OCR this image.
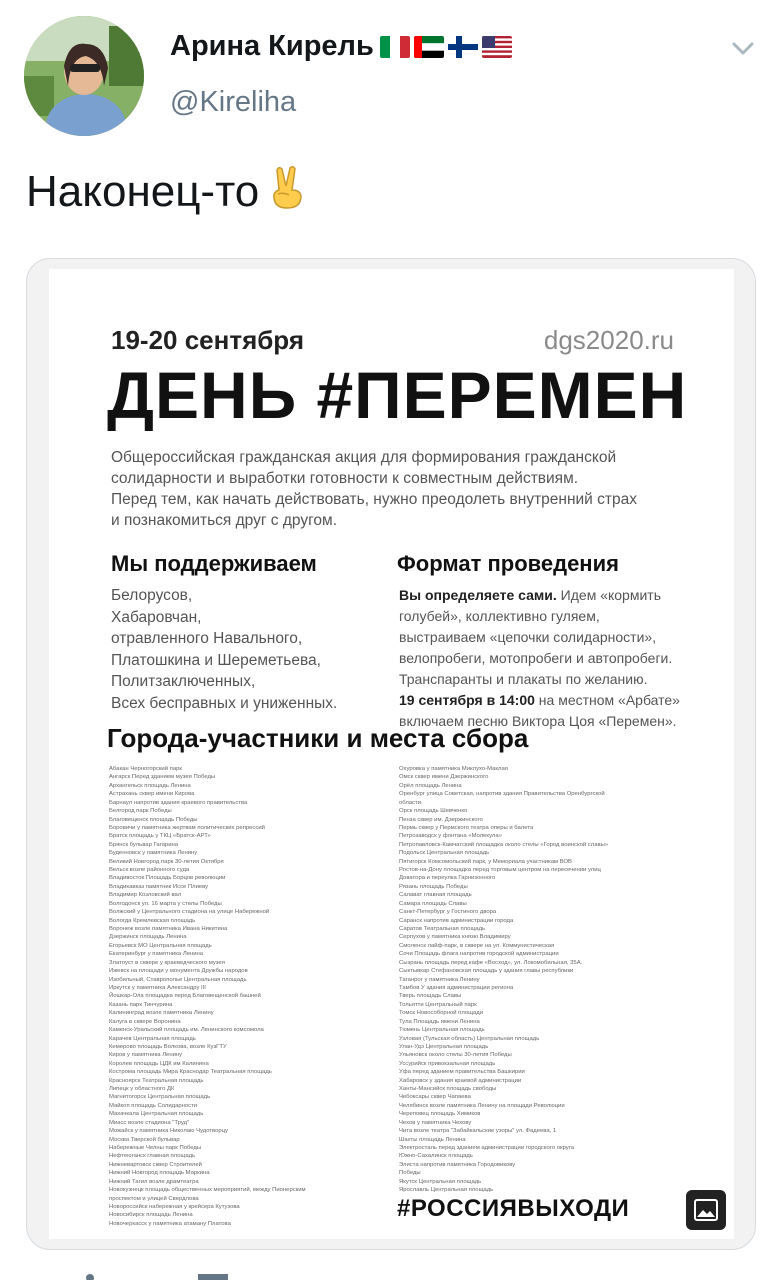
Арина Кирель
@Kireliha
Наконец-то
19-20 сентября	dgs2020.ru
ДЕНЬ #ПЕРЕМЕН
Общероссийская гражданская акция для формирования гражданской
солидарности и выработки готовности к совместным действиям.
Перед тем, как начать действовать, нужно преодолеть внутренний страх
и познакомиться друг с другом.
Мы поддерживаем	Формат проведения
Белорусов,
Хабаровчан,
отравленного Навального,
Платошкина и Шереметьева,
Политзаключенных,
Всех бесправных и униженных.
Вы определяете сами. Идем «кормить
голубей», коллективно гуляем,
выстраиваем «цепочки солидарности»,
велопробеги, мотопробеги и автопробеги.
Транспаранты и плакаты по желанию.
19 сентября в 14:00 на местном «Арбате»
включаем песню Виктора Цоя «Перемен».
Города-участники и места сбора
Абакан Черногорский парк
Ангарск Перед зданием музея Победы
Архангельск площадь Ленина
Астрахань сквер имени Кирова
Барнаул напротив здания краевого правительства
Белгород парк Победы
Благовещенск площадь Победы
Боровичи у памятника жертвам политических репрессий
Братск площадь у ТКЦ «Братск-АРТ»
Брянск бульвар Гагарина
Буденновск у памятника Ленину
Великий Новгород парк 30-летия Октября
Вельск возле районного суда
Владивосток Площадь Борцов революции
Владикавказ памятник Иссе Плиеву
Владимир Козловский вал
Волгодонск ул. 16 марта у стелы Победы
Волжский у Центрального стадиона на улице Набережной
Вологда Кремлевская площадь
Воронеж возле памятника Ивана Никитина
Дзержинск площадь Ленина
Егорьевск МО Центральная площадь
Екатеринбург у памятника Ленина
Златоуст в сквере у краеведческого музея
Ижевск на площади у монумента Дружбы народов
Изобильный, Ставрополье Центральная площадь
Иркутск у памятника Александру III
Йошкар-Ола площадка перед Благовещенской башней
Казань парк Тинчурина
Калининград возле памятника Ленину
Калуга в сквере Воронина
Каменск-Уральский площадь им. Ленинского комсомола
Карачев Центральная площадь
Кемерово площадь Волкова, возле КузГТУ
Киров у памятника Ленину
Королев площадь ЦДК им Калинина
Кострома площадь Мира Краснодар Театральная площадь
Красноярск Театральная площадь
Липецк у областного ДК
Магнитогорск Центральная площадь
Майкоп площадь Солидарности
Махачкала Центральная площадь
Миасс возле стадиона "Труд"
Можайск у памятника Николаю Чудотворцу
Москва Тверской бульвар
Набережные Челны парк Победы
Нефтеюганск главная площадь
Нижневартовск сквер Строителей
Нижний Новгород площадь Маркина
Нижний Тагил возле драмтеатра
Новокузнецк площадь общественных мероприятий, между Пионерским
проспектом и улицей Свердлова
Новороссийск набережная у крейсера Кутузова
Новосибирск площадь Ленина
Новочеркасск у памятника атаману Платова
Охуровка у памятника Миклухо-Маклая
Омск сквер имени Дзержинского
Орёл площадь Ленина
Оренбург улица Советская, напротив здания Правительства Оренбургской
области.
Орск площадь Шевченко
Пенза сквер им. Дзержинского
Пермь сквер у Пермского театра оперы и балета
Петрозаводск у фонтана «Молекула»
Петропавловск-Камчатский площадка около стелы «Город воинской славы»
Подольск Центральная площадь
Пятигорск Комсомольский парк, у Мемориала участникам ВОВ
Ростов-на-Дону площадка перед торговым центром на пересечении улиц
Доватора и переулка Гарнизонного
Рязань площадь Победы
Салават главная площадь
Самара площадь Славы
Санкт-Петербург у Гостиного двора
Саранск напротив администрации города
Саратов Театральная площадь
Серпухов у памятника князю Владимиру
Смоленск лайф-парк, в сквере на ул. Коммунистическая
Сочи Площадь флага напротив городской администрации
Сызрань площадь перед кафе «Восход», ул. Локомобильная, 35А.
Сыктывкар Стефановская площадь у здания главы республики
Таганрог у памятника Ленину
Тамбов У здания администрации региона
Тверь площадь Славы
Тольятти Центральный парк
Томск Новособорной площади
Тула Площадь имени Ленина
Тюмень Центральная площадь
Узловая (Тульская область) Центральная площадь
Улан-Удэ Центральная площадь
Ульяновск около стелы 30-летия Победы
Уссурийск привокзальная площадь
Уфа перед зданием правительства Башкирии
Хабаровск у здания краевой администрации
Ханты-Мансийск площадь свободы
Чебоксары сквер Чапаева
Челябинск возле памятника Ленину на площади Революции
Череповец площадь Химиков
Чехов у памятника Чехову
Чита возле театра "Забайкальские узоры" ул. Фадеева, 1
Шахты площадь Ленина
Электросталь перед зданием администрации городского округа
Южно-Сахалинск площадь
Элиста напротив памятника Городовикову
Победы
Якутск Центральная площадь
Ярославль Центральная площадь
#РОССИЯВЫХОДИ
